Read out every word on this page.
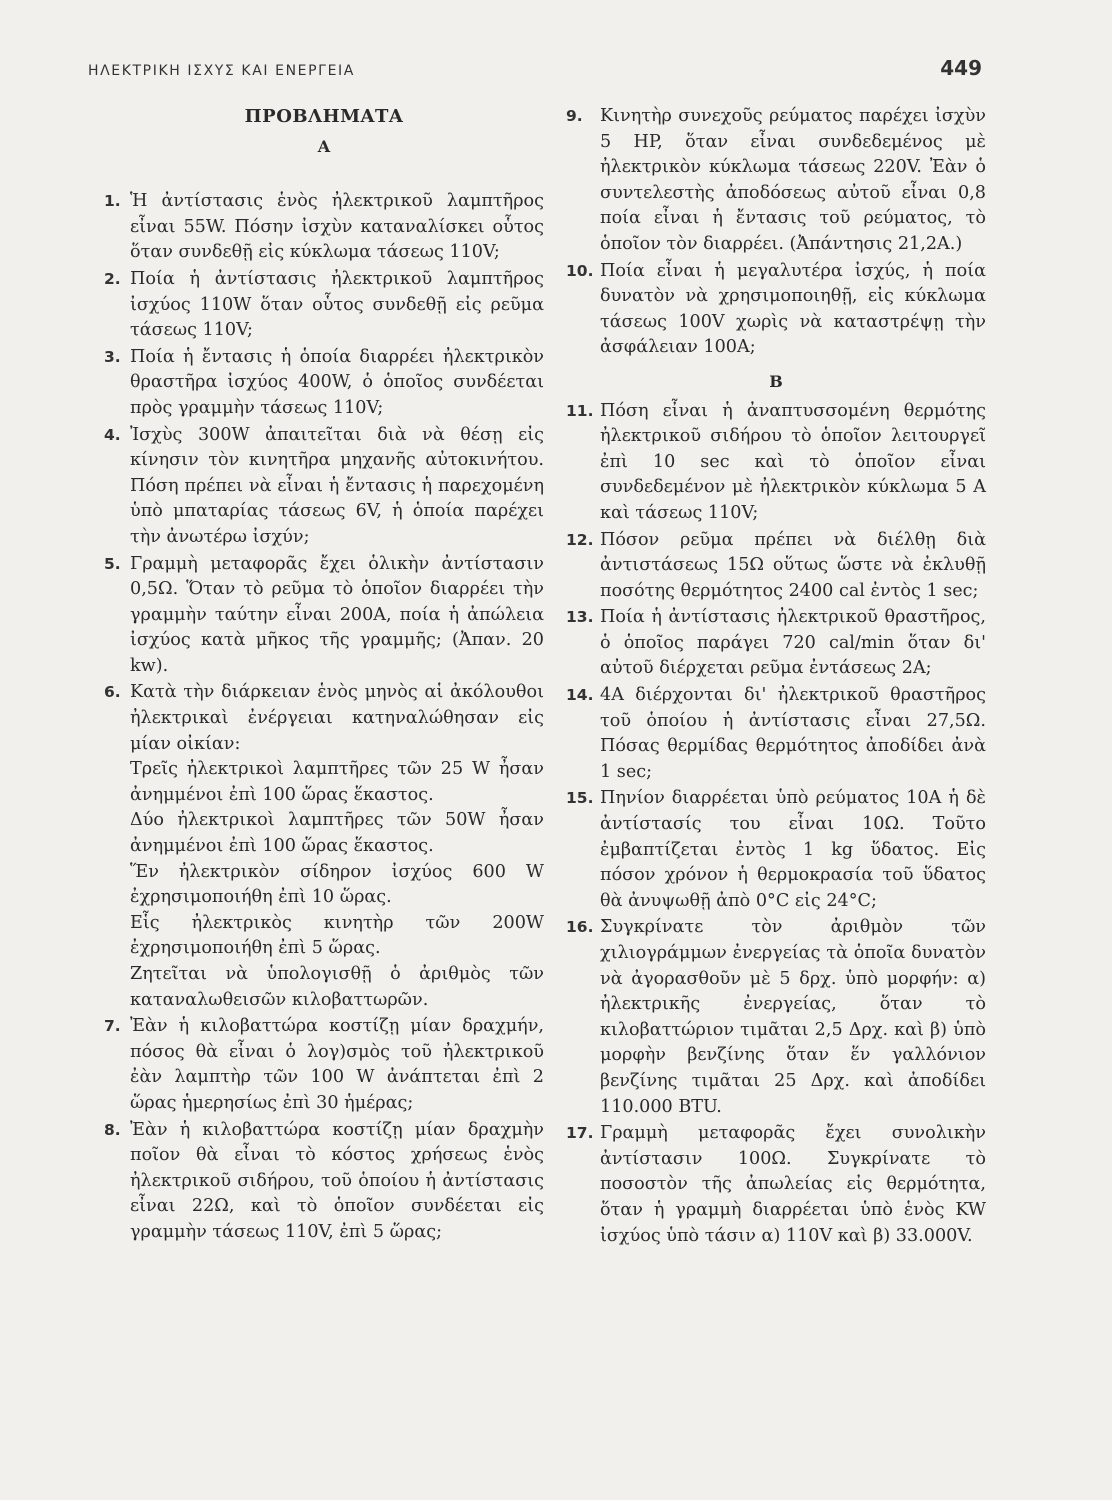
ΗΛΕΚΤΡΙΚΗ ΙΣΧΥΣ ΚΑΙ ΕΝΕΡΓΕΙΑ	449
ΠΡΟΒΛΗΜΑΤΑ
Α
1. Ἡ ἀντίστασις ἑνὸς ἠλεκτρικοῦ λαμπτῆρος εἶναι 55W. Πόσην ἰσχὺν καταναλίσκει οὗτος ὅταν συνδεθῇ εἰς κύκλωμα τάσεως 110V;
2. Ποία ἡ ἀντίστασις ἠλεκτρικοῦ λαμπτῆρος ἰσχύος 110W ὅταν οὗτος συνδεθῇ εἰς ρεῦμα τάσεως 110V;
3. Ποία ἡ ἔντασις ἡ ὁποία διαρρέει ἠλεκτρικὸν θραστῆρα ἰσχύος 400W, ὁ ὁποῖος συνδέεται πρὸς γραμμὴν τάσεως 110V;
4. Ἰσχὺς 300W ἀπαιτεῖται διὰ νὰ θέσῃ εἰς κίνησιν τὸν κινητῆρα μηχανῆς αὐτοκινήτου. Πόση πρέπει νὰ εἶναι ἡ ἔντασις ἡ παρεχομένη ὑπὸ μπαταρίας τάσεως 6V, ἡ ὁποία παρέχει τὴν ἀνωτέρω ἰσχύν;
5. Γραμμὴ μεταφορᾶς ἔχει ὁλικὴν ἀντίστασιν 0,5Ω. Ὅταν τὸ ρεῦμα τὸ ὁποῖον διαρρέει τὴν γραμμὴν ταύτην εἶναι 200A, ποία ἡ ἀπώλεια ἰσχύος κατὰ μῆκος τῆς γραμμῆς; (Ἀπαν. 20 kw).
6. Κατὰ τὴν διάρκειαν ἑνὸς μηνὸς αἱ ἀκόλουθοι ἠλεκτρικαὶ ἐνέργειαι κατηναλώθησαν εἰς μίαν οἰκίαν:
Τρεῖς ἠλεκτρικοὶ λαμπτῆρες τῶν 25 W ἦσαν ἀνημμένοι ἐπὶ 100 ὥρας ἕκαστος.
Δύο ἠλεκτρικοὶ λαμπτῆρες τῶν 50W ἦσαν ἀνημμένοι ἐπὶ 100 ὥρας ἕκαστος.
Ἕν ἠλεκτρικὸν σίδηρον ἰσχύος 600 W ἐχρησιμοποιήθη ἐπὶ 10 ὥρας.
Εἷς ἠλεκτρικὸς κινητὴρ τῶν 200W ἐχρησιμοποιήθη ἐπὶ 5 ὥρας.
Ζητεῖται νὰ ὑπολογισθῇ ὁ ἀριθμὸς τῶν καταναλωθεισῶν κιλοβαττωρῶν.
7. Ἐὰν ἡ κιλοβαττώρα κοστίζῃ μίαν δραχμήν, πόσος θὰ εἶναι ὁ λογ)σμὸς τοῦ ἠλεκτρικοῦ ἐὰν λαμπτὴρ τῶν 100 W ἀνάπτεται ἐπὶ 2 ὥρας ἡμερησίως ἐπὶ 30 ἡμέρας;
8. Ἐὰν ἡ κιλοβαττώρα κοστίζῃ μίαν δραχμὴν ποῖον θὰ εἶναι τὸ κόστος χρήσεως ἑνὸς ἠλεκτρικοῦ σιδήρου, τοῦ ὁποίου ἡ ἀντίστασις εἶναι 22Ω, καὶ τὸ ὁποῖον συνδέεται εἰς γραμμὴν τάσεως 110V, ἐπὶ 5 ὥρας;
9. Κινητὴρ συνεχοῦς ρεύματος παρέχει ἰσχὺν 5 HP, ὅταν εἶναι συνδεδεμένος μὲ ἠλεκτρικὸν κύκλωμα τάσεως 220V. Ἐὰν ὁ συντελεστὴς ἀποδόσεως αὐτοῦ εἶναι 0,8 ποία εἶναι ἡ ἔντασις τοῦ ρεύματος, τὸ ὁποῖον τὸν διαρρέει. (Ἀπάντησις 21,2A.)
10. Ποία εἶναι ἡ μεγαλυτέρα ἰσχύς, ἡ ποία δυνατὸν νὰ χρησιμοποιηθῇ, εἰς κύκλωμα τάσεως 100V χωρὶς νὰ καταστρέψῃ τὴν ἀσφάλειαν 100A;
Β
11. Πόση εἶναι ἡ ἀναπτυσσομένη θερμότης ἠλεκτρικοῦ σιδήρου τὸ ὁποῖον λειτουργεῖ ἐπὶ 10 sec καὶ τὸ ὁποῖον εἶναι συνδεδεμένον μὲ ἠλεκτρικὸν κύκλωμα 5 A καὶ τάσεως 110V;
12. Πόσον ρεῦμα πρέπει νὰ διέλθῃ διὰ ἀντιστάσεως 15Ω οὕτως ὥστε νὰ ἐκλυθῇ ποσότης θερμότητος 2400 cal ἐντὸς 1 sec;
13. Ποία ἡ ἀντίστασις ἠλεκτρικοῦ θραστῆρος, ὁ ὁποῖος παράγει 720 cal/min ὅταν δι' αὐτοῦ διέρχεται ρεῦμα ἐντάσεως 2A;
14. 4A διέρχονται δι' ἠλεκτρικοῦ θραστῆρος τοῦ ὁποίου ἡ ἀντίστασις εἶναι 27,5Ω. Πόσας θερμίδας θερμότητος ἀποδίδει ἀνὰ 1 sec;
15. Πηνίον διαρρέεται ὑπὸ ρεύματος 10A ἡ δὲ ἀντίστασίς του εἶναι 10Ω. Τοῦτο ἐμβαπτίζεται ἐντὸς 1 kg ὕδατος. Εἰς πόσον χρόνον ἡ θερμοκρασία τοῦ ὕδατος θὰ ἀνυψωθῇ ἀπὸ 0°C εἰς 24°C;
16. Συγκρίνατε τὸν ἀριθμὸν τῶν χιλιογράμμων ἐνεργείας τὰ ὁποῖα δυνατὸν νὰ ἀγορασθοῦν μὲ 5 δρχ. ὑπὸ μορφήν: α) ἠλεκτρικῆς ἐνεργείας, ὅταν τὸ κιλοβαττώριον τιμᾶται 2,5 Δρχ. καὶ β) ὑπὸ μορφὴν βενζίνης ὅταν ἕν γαλλόνιον βενζίνης τιμᾶται 25 Δρχ. καὶ ἀποδίδει 110.000 BTU.
17. Γραμμὴ μεταφορᾶς ἔχει συνολικὴν ἀντίστασιν 100Ω. Συγκρίνατε τὸ ποσοστὸν τῆς ἀπωλείας εἰς θερμότητα, ὅταν ἡ γραμμὴ διαρρέεται ὑπὸ ἑνὸς KW ἰσχύος ὑπὸ τάσιν α) 110V καὶ β) 33.000V.
